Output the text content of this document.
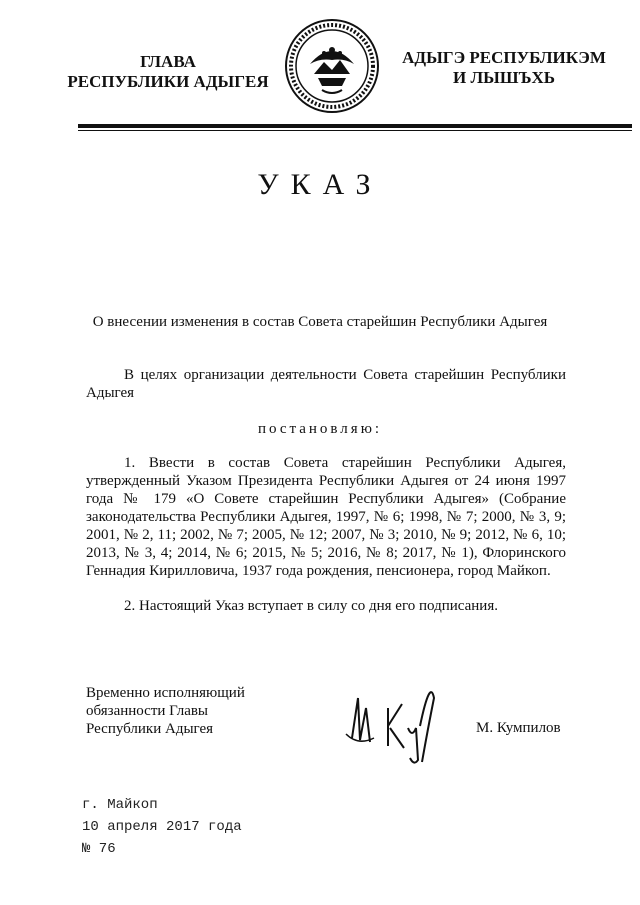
ГЛАВА
РЕСПУБЛИКИ АДЫГЕЯ
АДЫГЭ РЕСПУБЛИКЭМ
И ЛЫШЪХЬ
УКАЗ
О внесении изменения в состав Совета старейшин Республики Адыгея
В целях организации деятельности Совета старейшин Республики Адыгея
постановляю:
1. Ввести в состав Совета старейшин Республики Адыгея, утвержденный Указом Президента Республики Адыгея от 24 июня 1997 года № 179 «О Совете старейшин Республики Адыгея» (Собрание законодательства Республики Адыгея, 1997, № 6; 1998, № 7; 2000, № 3, 9; 2001, № 2, 11; 2002, № 7; 2005, № 12; 2007, № 3; 2010, № 9; 2012, № 6, 10; 2013, № 3, 4; 2014, № 6; 2015, № 5; 2016, № 8; 2017, № 1), Флоринского Геннадия Кирилловича, 1937 года рождения, пенсионера, город Майкоп.
2. Настоящий Указ вступает в силу со дня его подписания.
Временно исполняющий
обязанности Главы
Республики Адыгея	М. Кумпилов
г. Майкоп
10 апреля 2017 года
№ 76
